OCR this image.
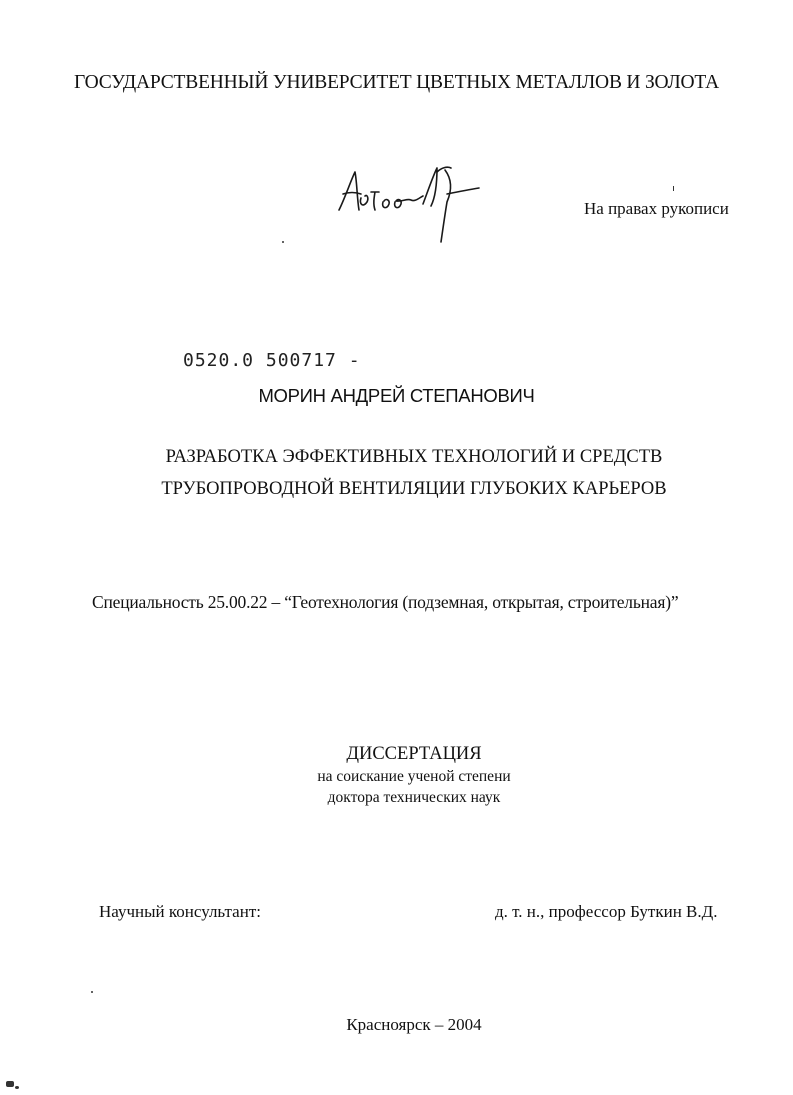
ГОСУДАРСТВЕННЫЙ УНИВЕРСИТЕТ ЦВЕТНЫХ МЕТАЛЛОВ И ЗОЛОТА
На правах рукописи
0520.0 500717 -
МОРИН АНДРЕЙ СТЕПАНОВИЧ
РАЗРАБОТКА ЭФФЕКТИВНЫХ ТЕХНОЛОГИЙ И СРЕДСТВ
ТРУБОПРОВОДНОЙ ВЕНТИЛЯЦИИ ГЛУБОКИХ КАРЬЕРОВ
Специальность 25.00.22 – “Геотехнология (подземная, открытая, строительная)”
ДИССЕРТАЦИЯ
на соискание ученой степени
доктора технических наук
Научный консультант:	д. т. н., профессор Буткин В.Д.
Красноярск – 2004
